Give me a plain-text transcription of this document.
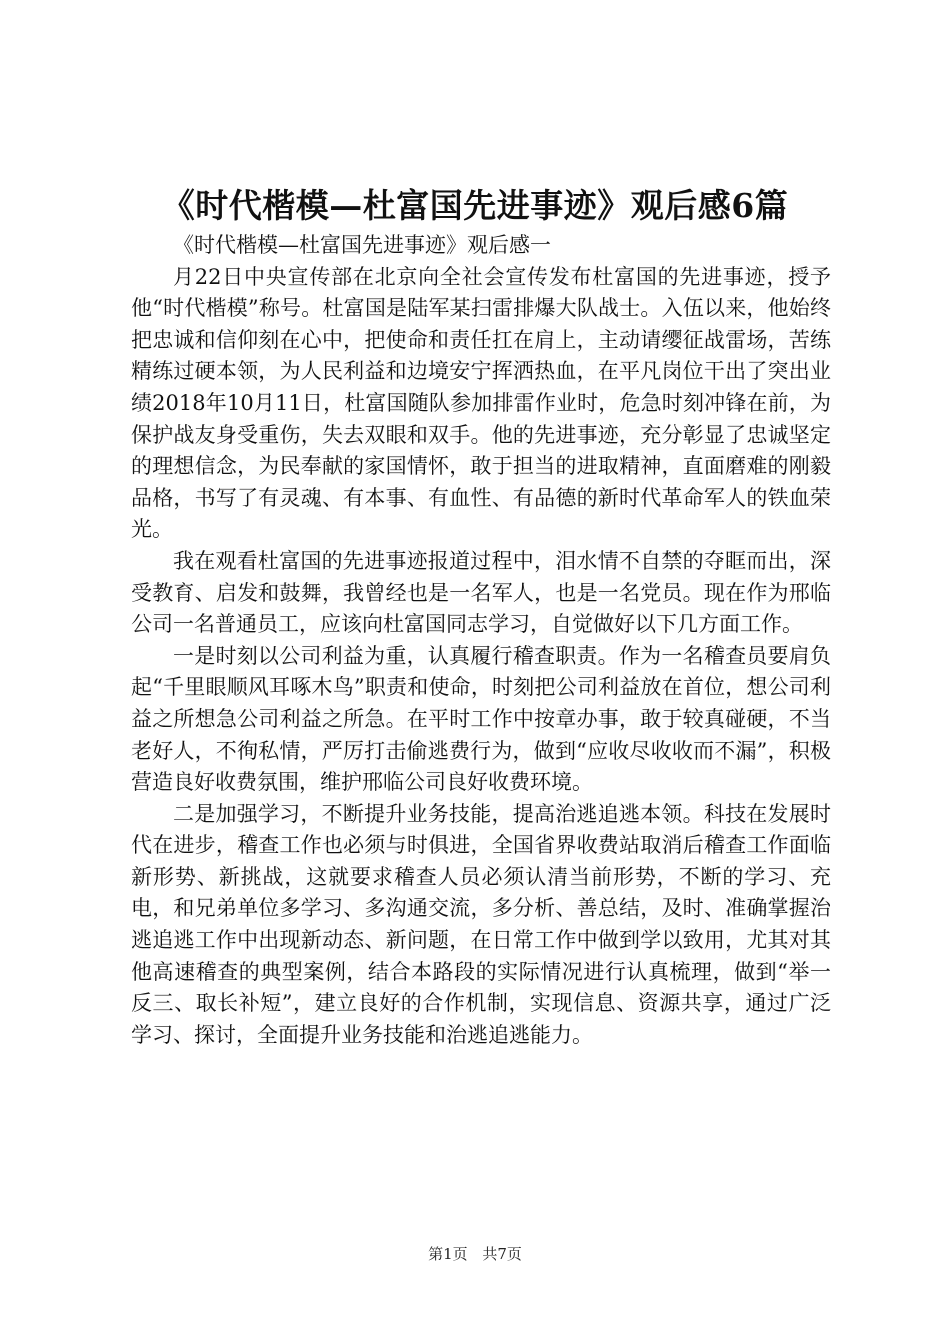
《时代楷模—杜富国先进事迹》观后感6篇

《时代楷模—杜富国先进事迹》观后感一

月22日中央宣传部在北京向全社会宣传发布杜富国的先进事迹，授予他“时代楷模”称号。杜富国是陆军某扫雷排爆大队战士。入伍以来，他始终把忠诚和信仰刻在心中，把使命和责任扛在肩上，主动请缨征战雷场，苦练精练过硬本领，为人民利益和边境安宁挥洒热血，在平凡岗位干出了突出业绩2018年10月11日，杜富国随队参加排雷作业时，危急时刻冲锋在前，为保护战友身受重伤，失去双眼和双手。他的先进事迹，充分彰显了忠诚坚定的理想信念，为民奉献的家国情怀，敢于担当的进取精神，直面磨难的刚毅品格，书写了有灵魂、有本事、有血性、有品德的新时代革命军人的铁血荣光。

我在观看杜富国的先进事迹报道过程中，泪水情不自禁的夺眶而出，深受教育、启发和鼓舞，我曾经也是一名军人，也是一名党员。现在作为邢临公司一名普通员工，应该向杜富国同志学习，自觉做好以下几方面工作。

一是时刻以公司利益为重，认真履行稽查职责。作为一名稽查员要肩负起“千里眼顺风耳啄木鸟”职责和使命，时刻把公司利益放在首位，想公司利益之所想急公司利益之所急。在平时工作中按章办事，敢于较真碰硬，不当老好人，不徇私情，严厉打击偷逃费行为，做到“应收尽收收而不漏”，积极营造良好收费氛围，维护邢临公司良好收费环境。

二是加强学习，不断提升业务技能，提高治逃追逃本领。科技在发展时代在进步，稽查工作也必须与时俱进，全国省界收费站取消后稽查工作面临新形势、新挑战，这就要求稽查人员必须认清当前形势，不断的学习、充电，和兄弟单位多学习、多沟通交流，多分析、善总结，及时、准确掌握治逃追逃工作中出现新动态、新问题，在日常工作中做到学以致用，尤其对其他高速稽查的典型案例，结合本路段的实际情况进行认真梳理，做到“举一反三、取长补短”，建立良好的合作机制，实现信息、资源共享，通过广泛学习、探讨，全面提升业务技能和治逃追逃能力。

第1页 共7页
